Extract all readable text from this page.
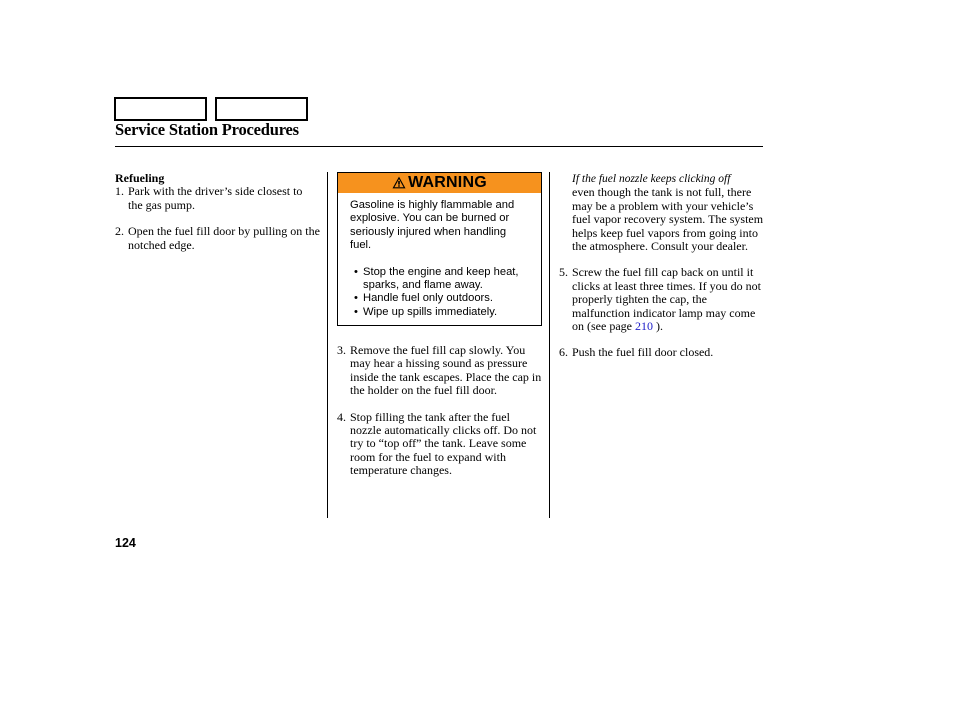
Service Station Procedures
Refueling
1. Park with the driver’s side closest to the gas pump.
2. Open the fuel fill door by pulling on the notched edge.
WARNING
Gasoline is highly flammable and explosive. You can be burned or seriously injured when handling fuel.
• Stop the engine and keep heat, sparks, and flame away.
• Handle fuel only outdoors.
• Wipe up spills immediately.
3. Remove the fuel fill cap slowly. You may hear a hissing sound as pressure inside the tank escapes. Place the cap in the holder on the fuel fill door.
4. Stop filling the tank after the fuel nozzle automatically clicks off. Do not try to “top off” the tank. Leave some room for the fuel to expand with temperature changes.
If the fuel nozzle keeps clicking off
even though the tank is not full, there may be a problem with your vehicle’s fuel vapor recovery system. The system helps keep fuel vapors from going into the atmosphere. Consult your dealer.
5. Screw the fuel fill cap back on until it clicks at least three times. If you do not properly tighten the cap, the malfunction indicator lamp may come on (see page 210 ).
6. Push the fuel fill door closed.
124
